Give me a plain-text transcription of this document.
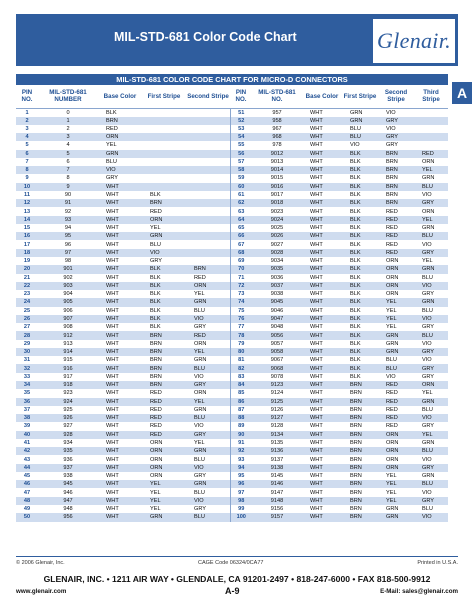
MIL-STD-681 Color Code Chart	Glenair.
A
MIL-STD-681 COLOR CODE CHART FOR MICRO-D CONNECTORS
PIN NO.	MIL-STD-681 NUMBER	Base Color	First Stripe	Second Stripe	PIN NO.	MIL-STD-681 NO.	Base Color	First Stripe	Second Stripe	Third Stripe
1	0	BLK			51	957	WHT	GRN	VIO	
2	1	BRN			52	958	WHT	GRN	GRY	
3	2	RED			53	967	WHT	BLU	VIO	
4	3	ORN			54	968	WHT	BLU	GRY	
5	4	YEL			55	978	WHT	VIO	GRY	
6	5	GRN			56	9012	WHT	BLK	BRN	RED
7	6	BLU			57	9013	WHT	BLK	BRN	ORN
8	7	VIO			58	9014	WHT	BLK	BRN	YEL
9	8	GRY			59	9015	WHT	BLK	BRN	GRN
10	9	WHT			60	9016	WHT	BLK	BRN	BLU
11	90	WHT	BLK		61	9017	WHT	BLK	BRN	VIO
12	91	WHT	BRN		62	9018	WHT	BLK	BRN	GRY
13	92	WHT	RED		63	9023	WHT	BLK	RED	ORN
14	93	WHT	ORN		64	9024	WHT	BLK	RED	YEL
15	94	WHT	YEL		65	9025	WHT	BLK	RED	GRN
16	95	WHT	GRN		66	9026	WHT	BLK	RED	BLU
17	96	WHT	BLU		67	9027	WHT	BLK	RED	VIO
18	97	WHT	VIO		68	9028	WHT	BLK	RED	GRY
19	98	WHT	GRY		69	9034	WHT	BLK	ORN	YEL
20	901	WHT	BLK	BRN	70	9035	WHT	BLK	ORN	GRN
21	902	WHT	BLK	RED	71	9036	WHT	BLK	ORN	BLU
22	903	WHT	BLK	ORN	72	9037	WHT	BLK	ORN	VIO
23	904	WHT	BLK	YEL	73	9038	WHT	BLK	ORN	GRY
24	905	WHT	BLK	GRN	74	9045	WHT	BLK	YEL	GRN
25	906	WHT	BLK	BLU	75	9046	WHT	BLK	YEL	BLU
26	907	WHT	BLK	VIO	76	9047	WHT	BLK	YEL	VIO
27	908	WHT	BLK	GRY	77	9048	WHT	BLK	YEL	GRY
28	912	WHT	BRN	RED	78	9056	WHT	BLK	GRN	BLU
29	913	WHT	BRN	ORN	79	9057	WHT	BLK	GRN	VIO
30	914	WHT	BRN	YEL	80	9058	WHT	BLK	GRN	GRY
31	915	WHT	BRN	GRN	81	9067	WHT	BLK	BLU	VIO
32	916	WHT	BRN	BLU	82	9068	WHT	BLK	BLU	GRY
33	917	WHT	BRN	VIO	83	9078	WHT	BLK	VIO	GRY
34	918	WHT	BRN	GRY	84	9123	WHT	BRN	RED	ORN
35	923	WHT	RED	ORN	85	9124	WHT	BRN	RED	YEL
36	924	WHT	RED	YEL	86	9125	WHT	BRN	RED	GRN
37	925	WHT	RED	GRN	87	9126	WHT	BRN	RED	BLU
38	926	WHT	RED	BLU	88	9127	WHT	BRN	RED	VIO
39	927	WHT	RED	VIO	89	9128	WHT	BRN	RED	GRY
40	928	WHT	RED	GRY	90	9134	WHT	BRN	ORN	YEL
41	934	WHT	ORN	YEL	91	9135	WHT	BRN	ORN	GRN
42	935	WHT	ORN	GRN	92	9136	WHT	BRN	ORN	BLU
43	936	WHT	ORN	BLU	93	9137	WHT	BRN	ORN	VIO
44	937	WHT	ORN	VIO	94	9138	WHT	BRN	ORN	GRY
45	938	WHT	ORN	GRY	95	9145	WHT	BRN	YEL	GRN
46	945	WHT	YEL	GRN	96	9146	WHT	BRN	YEL	BLU
47	946	WHT	YEL	BLU	97	9147	WHT	BRN	YEL	VIO
48	947	WHT	YEL	VIO	98	9148	WHT	BRN	YEL	GRY
49	948	WHT	YEL	GRY	99	9156	WHT	BRN	GRN	BLU
50	956	WHT	GRN	BLU	100	9157	WHT	BRN	GRN	VIO
© 2006 Glenair, Inc.	CAGE Code 06324/0CA77	Printed in U.S.A.
GLENAIR, INC. • 1211 AIR WAY • GLENDALE, CA 91201-2497 • 818-247-6000 • FAX 818-500-9912
www.glenair.com	A-9	E-Mail: sales@glenair.com
